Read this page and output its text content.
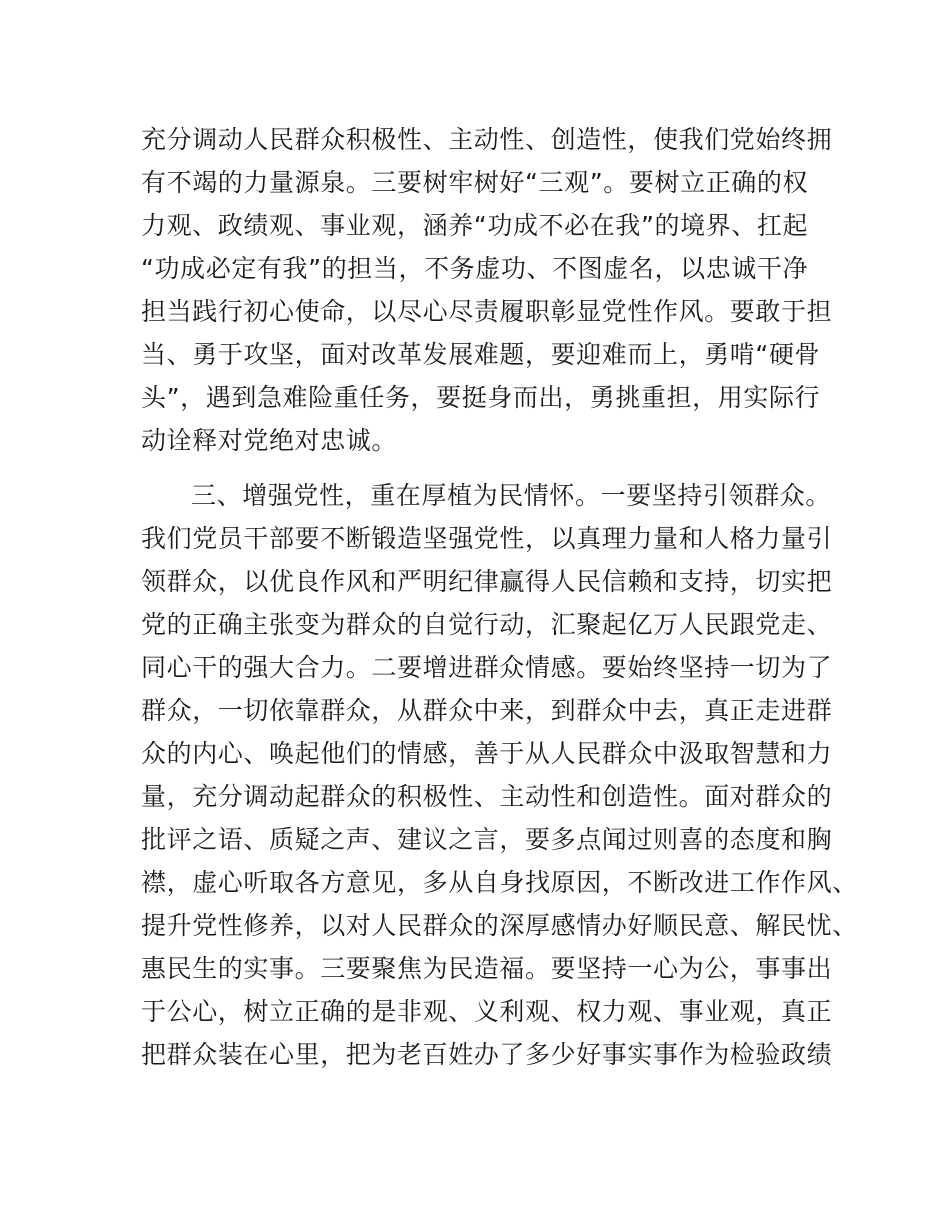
充分调动人民群众积极性、主动性、创造性，使我们党始终拥
有不竭的力量源泉。三要树牢树好“三观”。要树立正确的权
力观、政绩观、事业观，涵养“功成不必在我”的境界、扛起
“功成必定有我”的担当，不务虚功、不图虚名，以忠诚干净
担当践行初心使命，以尽心尽责履职彰显党性作风。要敢于担
当、勇于攻坚，面对改革发展难题，要迎难而上，勇啃“硬骨
头”，遇到急难险重任务，要挺身而出，勇挑重担，用实际行
动诠释对党绝对忠诚。
三、增强党性，重在厚植为民情怀。一要坚持引领群众。
我们党员干部要不断锻造坚强党性，以真理力量和人格力量引
领群众，以优良作风和严明纪律赢得人民信赖和支持，切实把
党的正确主张变为群众的自觉行动，汇聚起亿万人民跟党走、
同心干的强大合力。二要增进群众情感。要始终坚持一切为了
群众，一切依靠群众，从群众中来，到群众中去，真正走进群
众的内心、唤起他们的情感，善于从人民群众中汲取智慧和力
量，充分调动起群众的积极性、主动性和创造性。面对群众的
批评之语、质疑之声、建议之言，要多点闻过则喜的态度和胸
襟，虚心听取各方意见，多从自身找原因，不断改进工作作风、
提升党性修养，以对人民群众的深厚感情办好顺民意、解民忧、
惠民生的实事。三要聚焦为民造福。要坚持一心为公，事事出
于公心，树立正确的是非观、义利观、权力观、事业观，真正
把群众装在心里，把为老百姓办了多少好事实事作为检验政绩
